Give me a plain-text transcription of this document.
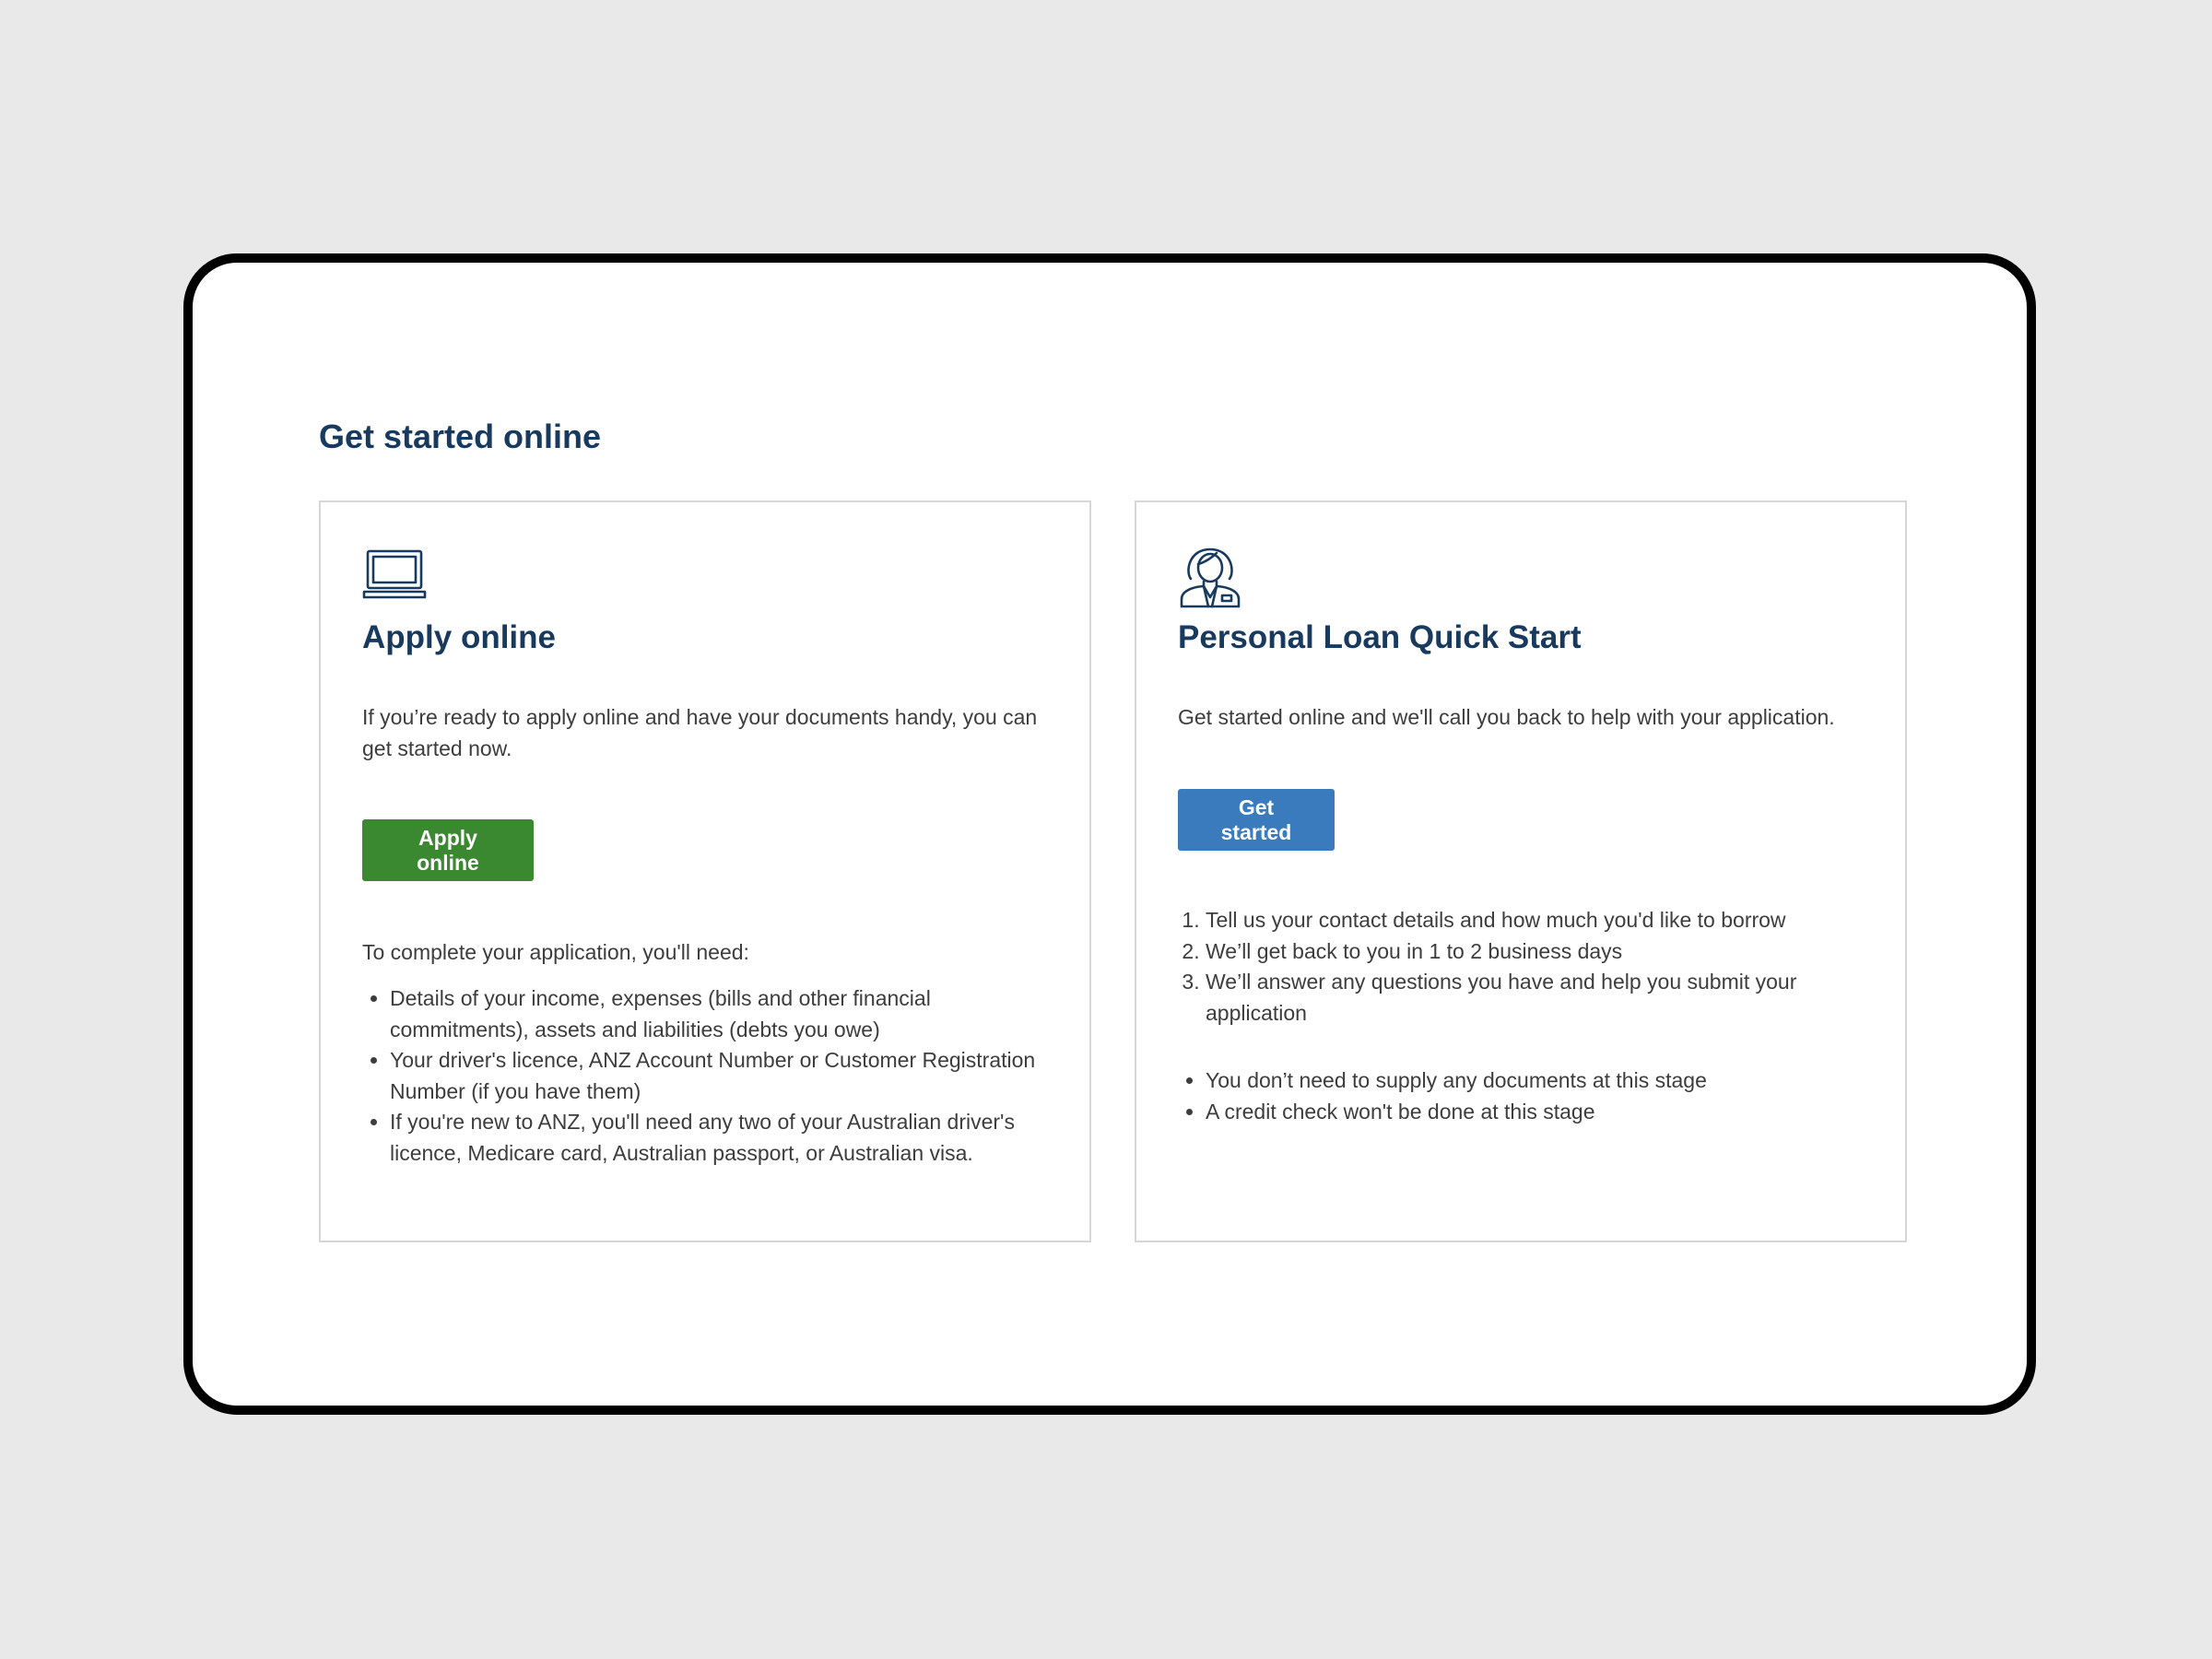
Get started online
Apply online

If you’re ready to apply online and have your documents handy, you can get started now.

Apply online

To complete your application, you'll need:

• Details of your income, expenses (bills and other financial commitments), assets and liabilities (debts you owe)
• Your driver's licence, ANZ Account Number or Customer Registration Number (if you have them)
• If you're new to ANZ, you'll need any two of your Australian driver's licence, Medicare card, Australian passport, or Australian visa.
Personal Loan Quick Start

Get started online and we'll call you back to help with your application.

Get started
1. Tell us your contact details and how much you'd like to borrow
2. We’ll get back to you in 1 to 2 business days
3. We’ll answer any questions you have and help you submit your application
• You don’t need to supply any documents at this stage
• A credit check won't be done at this stage
